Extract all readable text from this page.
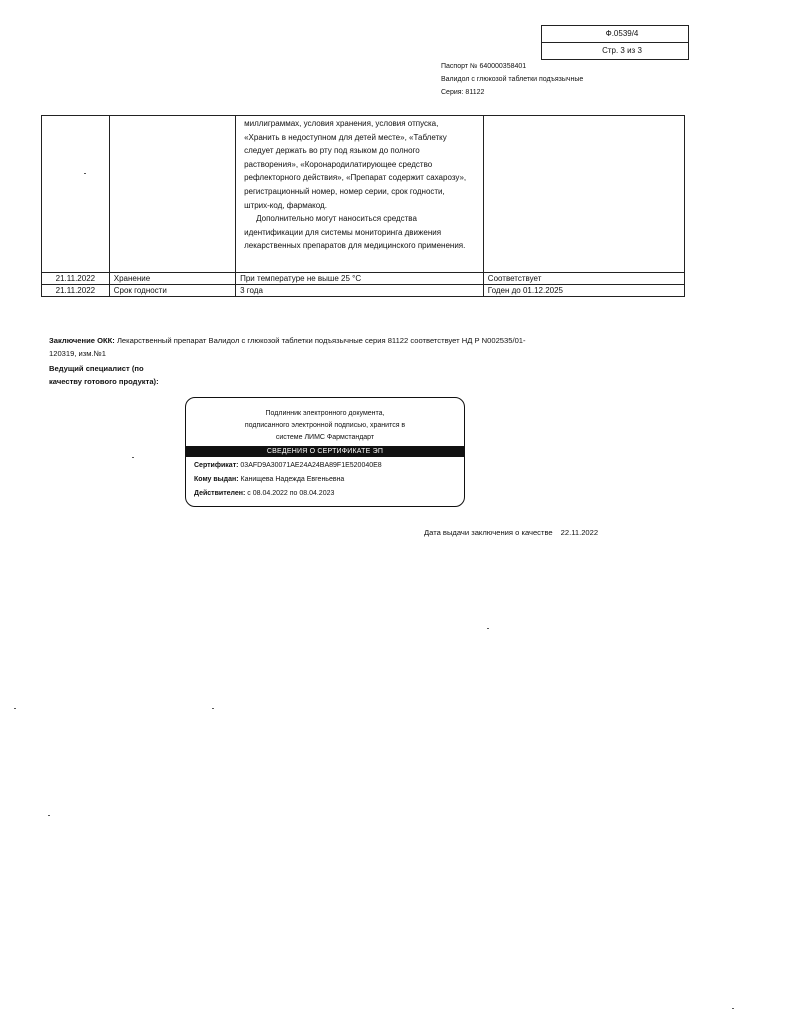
Ф.0539/4
Стр. 3 из 3
Паспорт № 640000358401
Валидол с глюкозой таблетки подъязычные
Серия: 81122

		миллиграммах, условия хранения, условия отпуска, «Хранить в недоступном для детей месте», «Таблетку следует держать во рту под языком до полного растворения», «Коронародилатирующее средство рефлекторного действия», «Препарат содержит сахарозу», регистрационный номер, номер серии, срок годности, штрих-код, фармакод.

Дополнительно могут наноситься средства идентификации для системы мониторинга движения лекарственных препаратов для медицинского применения.	

21.11.2022	Хранение	При температуре не выше 25 °С	Соответствует
21.11.2022	Срок годности	3 года	Годен до 01.12.2025
Заключение ОКК: Лекарственный препарат Валидол с глюкозой таблетки подъязычные серия 81122 соответствует НД Р N002535/01-120319, изм.№1
Ведущий специалист (по качеству готового продукта):
Подлинник электронного документа,
подписанного электронной подписью, хранится в
системе ЛИМС Фармстандарт
СВЕДЕНИЯ О СЕРТИФИКАТЕ ЭП
Сертификат: 03AFD9A30071AE24A24BA89F1E520040E8
Кому выдан: Канищева Надежда Евгеньевна
Действителен: с 08.04.2022 по 08.04.2023
Дата выдачи заключения о качестве 22.11.2022
